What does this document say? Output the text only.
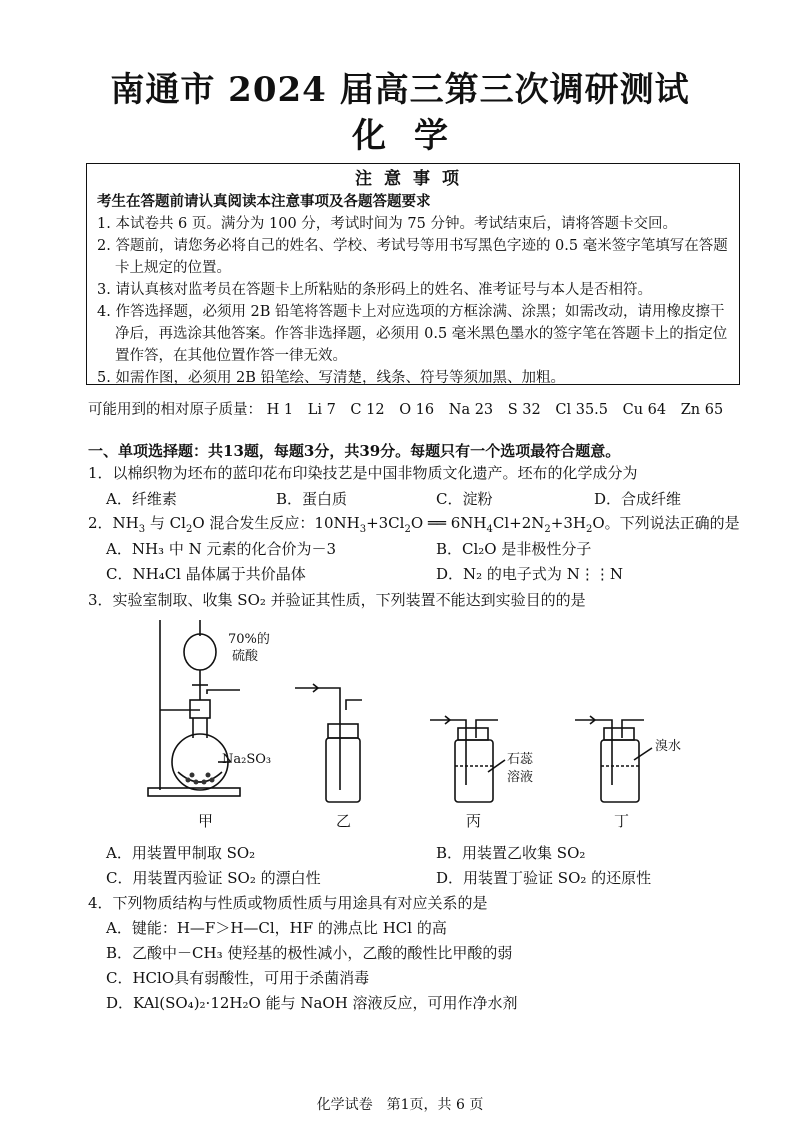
南通市 2024 届高三第三次调研测试
化学
注意事项
考生在答题前请认真阅读本注意事项及各题答题要求
1. 本试卷共 6 页。满分为 100 分，考试时间为 75 分钟。考试结束后，请将答题卡交回。
2. 答题前，请您务必将自己的姓名、学校、考试号等用书写黑色字迹的 0.5 毫米签字笔填写在答题卡上规定的位置。
3. 请认真核对监考员在答题卡上所粘贴的条形码上的姓名、准考证号与本人是否相符。
4. 作答选择题，必须用 2B 铅笔将答题卡上对应选项的方框涂满、涂黑；如需改动，请用橡皮擦干净后，再选涂其他答案。作答非选择题，必须用 0.5 毫米黑色墨水的签字笔在答题卡上的指定位置作答，在其他位置作答一律无效。
5. 如需作图，必须用 2B 铅笔绘、写清楚，线条、符号等须加黑、加粗。
可能用到的相对原子质量： H 1 Li 7 C 12 O 16 Na 23 S 32 Cl 35.5 Cu 64 Zn 65
一、单项选择题：共13题，每题3分，共39分。每题只有一个选项最符合题意。
1．以棉织物为坯布的蓝印花布印染技艺是中国非物质文化遗产。坯布的化学成分为
A．纤维素	B．蛋白质	C．淀粉	D．合成纤维
2．$NH_3$ 与 $Cl_2O$ 混合发生反应：$10NH_3+3Cl_2O$ ══ $6NH_4Cl+2N_2+3H_2O$。下列说法正确的是
A．NH₃ 中 N 元素的化合价为－3	B．Cl₂O 是非极性分子
C．NH₄Cl 晶体属于共价晶体	D．N₂ 的电子式为 N⋮⋮N
3．实验室制取、收集 SO₂ 并验证其性质，下列装置不能达到实验目的的是
70%的
硫酸
Na₂SO₃	石蕊
溶液
溴水
甲	乙	丙	丁
A．用装置甲制取 SO₂	B．用装置乙收集 SO₂
C．用装置丙验证 SO₂ 的漂白性	D．用装置丁验证 SO₂ 的还原性
4．下列物质结构与性质或物质性质与用途具有对应关系的是
A．键能：H—F＞H—Cl，HF 的沸点比 HCl 的高
B．乙酸中－CH₃ 使羟基的极性减小，乙酸的酸性比甲酸的弱
C．HClO具有弱酸性，可用于杀菌消毒
D．KAl(SO₄)₂·12H₂O 能与 NaOH 溶液反应，可用作净水剂
化学试卷　第1页，共 6 页
